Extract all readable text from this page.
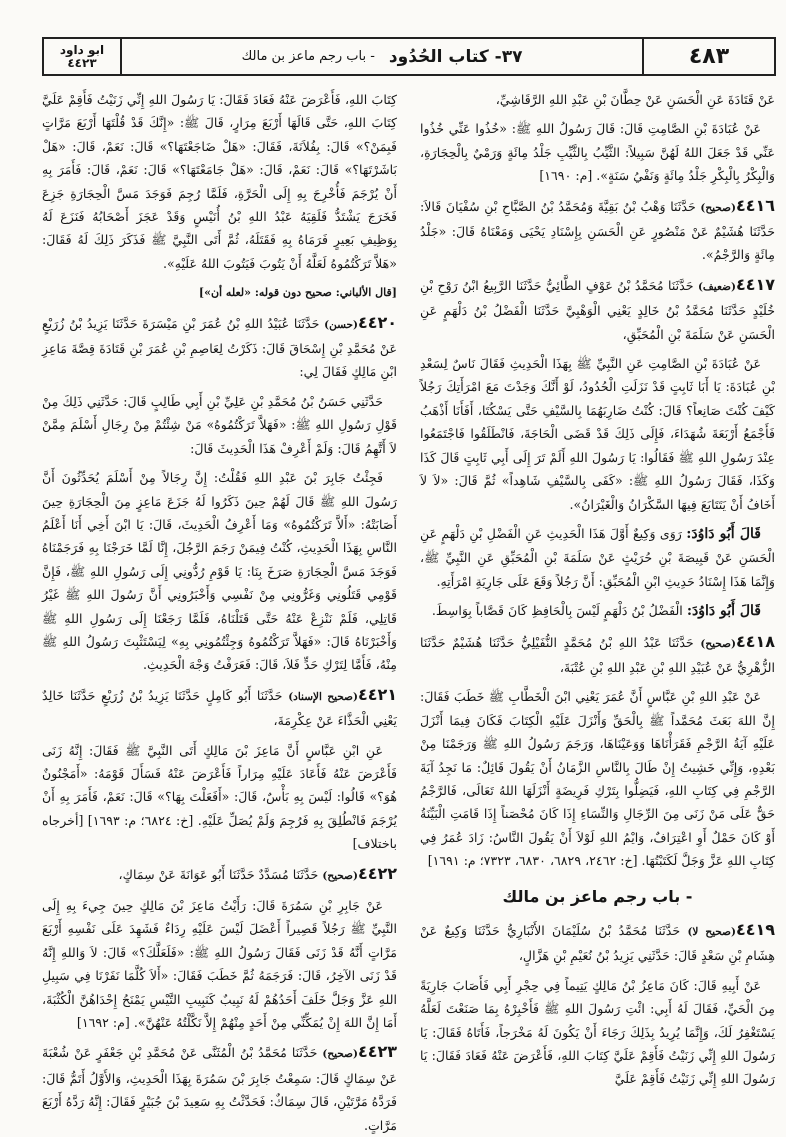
ابو داود
٤٤٢٣	٣٧- كتاب الحُدُود
- باب رجم ماعز بن مالك	٤٨٣

عَنْ قَتَادَةَ عَنِ الْحَسَنِ عَنْ حِطَّانَ بْنِ عَبْدِ اللهِ الرَّقَاشِيِّ،

عَنْ عُبَادَةَ بْنِ الصَّامِتِ قَالَ: قَالَ رَسُولُ اللهِ ﷺ: «خُذُوا عَنِّي خُذُوا عَنِّي قَدْ جَعَلَ اللهُ لَهُنَّ سَبِيلاً: الثَّيِّبُ بِالثَّيِّبِ جَلْدُ مِائَةٍ وَرَمْيٌ بِالْحِجَارَةِ، وَالْبِكْرُ بِالْبِكْرِ جَلْدُ مِائَةٍ وَنَفْيُ سَنَةٍ». [م: ١٦٩٠]

٤٤١٦(صحيح) حَدَّثَنَا وَهْبُ بْنُ بَقِيَّةَ وَمُحَمَّدُ بْنُ الصَّبَّاحِ بْنِ سُفْيَانَ قَالاَ: حَدَّثَنَا هُشَيْمٌ عَنْ مَنْصُورٍ عَنِ الْحَسَنِ بِإِسْنَادِ يَحْيَى وَمَعْنَاهُ قَالَ: «جَلْدُ مِائَةٍ وَالرَّجْمُ».

٤٤١٧(ضعيف) حَدَّثَنَا مُحَمَّدُ بْنُ عَوْفٍ الطَّائِيُّ حَدَّثَنَا الرَّبِيعُ ابْنُ رَوْحِ بْنِ خُلَيْدٍ حَدَّثَنَا مُحَمَّدُ بْنُ خَالِدٍ يَعْنِي الْوَهْبِيَّ حَدَّثَنَا الْفَضْلُ بْنُ دَلْهَمٍ عَنِ الْحَسَنِ عَنْ سَلَمَةَ بْنِ الْمُحَبِّقِ،

عَنْ عُبَادَةَ بْنِ الصَّامِتِ عَنِ النَّبِيِّ ﷺ بِهَذَا الْحَدِيثِ فَقَالَ نَاسٌ لِسَعْدِ بْنِ عُبَادَةَ: يَا أَبَا ثَابِتٍ قَدْ نَزَلَتِ الْحُدُودُ، لَوْ أَنَّكَ وَجَدْتَ مَعَ امْرَأَتِكَ رَجُلاً كَيْفَ كُنْتَ صَانِعاً؟ قَالَ: كُنْتُ ضَارِبَهُمَا بِالسَّيْفِ حَتَّى يَسْكُتَا، أَفَأَنَا أَذْهَبُ فَأَجْمَعُ أَرْبَعَةَ شُهَدَاءَ، فَإِلَى ذَلِكَ قَدْ قَضَى الْحَاجَةَ، فَانْطَلَقُوا فَاجْتَمَعُوا عِنْدَ رَسُولِ اللهِ ﷺ فَقَالُوا: يَا رَسُولَ اللهِ أَلَمْ تَرَ إِلَى أَبِي ثَابِتٍ قَالَ كَذَا وَكَذَا، فَقَالَ رَسُولُ اللهِ ﷺ: «كَفَى بِالسَّيْفِ شَاهِداً» ثُمَّ قَالَ: «لاَ لاَ أَخَافُ أَنْ يَتَتَابَعَ فِيهَا السَّكْرَانُ وَالْغَيْرَانُ».

قَالَ أَبُو دَاوُدَ: رَوَى وَكِيعٌ أَوَّلَ هَذَا الْحَدِيثِ عَنِ الْفَضْلِ بْنِ دَلْهَمٍ عَنِ الْحَسَنِ عَنْ قَبِيصَةَ بْنِ حُرَيْثٍ عَنْ سَلَمَةَ بْنِ الْمُحَبِّقِ عَنِ النَّبِيِّ ﷺ، وَإِنَّمَا هَذَا إِسْنَادُ حَدِيثِ ابْنِ الْمُحَبِّقِ: أَنَّ رَجُلاً وَقَعَ عَلَى جَارِيَةِ امْرَأَتِهِ.

قَالَ أَبُو دَاوُدَ: الْفَضْلُ بْنُ دَلْهَمٍ لَيْسَ بِالْحَافِظِ كَانَ قَصَّاباً بِوَاسِطَ.

٤٤١٨(صحيح) حَدَّثَنَا عَبْدُ اللهِ بْنُ مُحَمَّدٍ النُّفَيْلِيُّ حَدَّثَنَا هُشَيْمٌ حَدَّثَنَا الزُّهْرِيُّ عَنْ عُبَيْدِ اللهِ بْنِ عَبْدِ اللهِ بْنِ عُتْبَةَ،

عَنْ عَبْدِ اللهِ بْنِ عَبَّاسٍ أَنَّ عُمَرَ يَعْنِي ابْنَ الْخَطَّابِ ﷺ خَطَبَ فَقَالَ: إِنَّ اللهَ بَعَثَ مُحَمَّداً ﷺ بِالْحَقِّ وَأَنْزَلَ عَلَيْهِ الْكِتَابَ فَكَانَ فِيمَا أَنْزَلَ عَلَيْهِ آيَةُ الرَّجْمِ فَقَرَأْنَاهَا وَوَعَيْنَاهَا، وَرَجَمَ رَسُولُ اللهِ ﷺ وَرَجَمْنَا مِنْ بَعْدِهِ، وَإِنِّي خَشِيتُ إِنْ طَالَ بِالنَّاسِ الزَّمَانُ أَنْ يَقُولَ قَائِلٌ: مَا نَجِدُ آيَةَ الرَّجْمِ فِي كِتَابِ اللهِ، فَيَضِلُّوا بِتَرْكِ فَرِيضَةٍ أَنْزَلَهَا اللهُ تَعَالَى، فَالرَّجْمُ حَقٌّ عَلَى مَنْ زَنَى مِنَ الرِّجَالِ وَالنِّسَاءِ إِذَا كَانَ مُحْصَناً إِذَا قَامَتِ الْبَيِّنَةُ أَوْ كَانَ حَمْلٌ أَوِ اعْتِرَافٌ، وَايْمُ اللهِ لَوْلاَ أَنْ يَقُولَ النَّاسُ: زَادَ عُمَرُ فِي كِتَابِ اللهِ عَزَّ وَجَلَّ لَكَتَبْتُهَا. [خ: ٢٤٦٢، ٦٨٢٩، ٦٨٣٠، ٧٣٢٣؛ م: ١٦٩١]

- باب رجم ماعز بن مالك

٤٤١٩(صحيح لا) حَدَّثَنَا مُحَمَّدُ بْنُ سُلَيْمَانَ الأَنْبَارِيُّ حَدَّثَنَا وَكِيعٌ عَنْ هِشَامِ بْنِ سَعْدٍ قَالَ: حَدَّثَنِي يَزِيدُ بْنُ نُعَيْمِ بْنِ هَزَّالٍ،

عَنْ أَبِيهِ قَالَ: كَانَ مَاعِزُ بْنُ مَالِكٍ يَتِيماً فِي حِجْرِ أَبِي فَأَصَابَ جَارِيَةً مِنَ الْحَيِّ، فَقَالَ لَهُ أَبِي: ائْتِ رَسُولَ اللهِ ﷺ فَأَخْبِرْهُ بِمَا صَنَعْتَ لَعَلَّهُ يَسْتَغْفِرُ لَكَ، وَإِنَّمَا يُرِيدُ بِذَلِكَ رَجَاءَ أَنْ يَكُونَ لَهُ مَخْرَجاً، فَأَتَاهُ فَقَالَ: يَا رَسُولَ اللهِ إِنِّي زَنَيْتُ فَأَقِمْ عَلَيَّ كِتَابَ اللهِ، فَأَعْرَضَ عَنْهُ فَعَادَ فَقَالَ: يَا رَسُولَ اللهِ إِنِّي زَنَيْتُ فَأَقِمْ عَلَيَّ

كِتَابَ اللهِ، فَأَعْرَضَ عَنْهُ فَعَادَ فَقَالَ: يَا رَسُولَ اللهِ إِنِّي زَنَيْتُ فَأَقِمْ عَلَيَّ كِتَابَ اللهِ، حَتَّى قَالَهَا أَرْبَعَ مِرَارٍ، قَالَ ﷺ: «إِنَّكَ قَدْ قُلْتَهَا أَرْبَعَ مَرَّاتٍ فَبِمَنْ؟» قَالَ: بِفُلاَنَةَ، فَقَالَ: «هَلْ ضَاجَعْتَهَا؟» قَالَ: نَعَمْ، قَالَ: «هَلْ بَاشَرْتَهَا؟» قَالَ: نَعَمْ، قَالَ: «هَلْ جَامَعْتَهَا؟» قَالَ: نَعَمْ، قَالَ: فَأَمَرَ بِهِ أَنْ يُرْجَمَ فَأُخْرِجَ بِهِ إِلَى الْحَرَّةِ، فَلَمَّا رُجِمَ فَوَجَدَ مَسَّ الْحِجَارَةِ جَزِعَ فَخَرَجَ يَشْتَدُّ فَلَقِيَهُ عَبْدُ اللهِ بْنُ أُنَيْسٍ وَقَدْ عَجَزَ أَصْحَابُهُ فَنَزَعَ لَهُ بِوَظِيفِ بَعِيرٍ فَرَمَاهُ بِهِ فَقَتَلَهُ، ثُمَّ أَتَى النَّبِيَّ ﷺ فَذَكَرَ ذَلِكَ لَهُ فَقَالَ: «هَلاَّ تَرَكْتُمُوهُ لَعَلَّهُ أَنْ يَتُوبَ فَيَتُوبَ اللهُ عَلَيْهِ».

[قال الألباني: صحيح دون قوله: «لعله أن»]

٤٤٢٠(حسن) حَدَّثَنَا عُبَيْدُ اللهِ بْنُ عُمَرَ بْنِ مَيْسَرَةَ حَدَّثَنَا يَزِيدُ بْنُ زُرَيْعٍ عَنْ مُحَمَّدِ بْنِ إِسْحَاقَ قَالَ: ذَكَرْتُ لِعَاصِمِ بْنِ عُمَرَ بْنِ قَتَادَةَ قِصَّةَ مَاعِزِ ابْنِ مَالِكٍ فَقَالَ لِي:

حَدَّثَنِي حَسَنُ بْنُ مُحَمَّدِ بْنِ عَلِيِّ بْنِ أَبِي طَالِبٍ قَالَ: حَدَّثَنِي ذَلِكَ مِنْ قَوْلِ رَسُولِ اللهِ ﷺ: «فَهَلاَّ تَرَكْتُمُوهُ» مَنْ شِئْتُمْ مِنْ رِجَالِ أَسْلَمَ مِمَّنْ لاَ أَتَّهِمُ قَالَ: وَلَمْ أَعْرِفْ هَذَا الْحَدِيثَ قَالَ:

فَجِئْتُ جَابِرَ بْنَ عَبْدِ اللهِ فَقُلْتُ: إِنَّ رِجَالاً مِنْ أَسْلَمَ يُحَدِّثُونَ أَنَّ رَسُولَ اللهِ ﷺ قَالَ لَهُمْ حِينَ ذَكَرُوا لَهُ جَزَعَ مَاعِزٍ مِنَ الْحِجَارَةِ حِينَ أَصَابَتْهُ: «أَلاَّ تَرَكْتُمُوهُ» وَمَا أَعْرِفُ الْحَدِيثَ، قَالَ: يَا ابْنَ أَخِي أَنَا أَعْلَمُ النَّاسِ بِهَذَا الْحَدِيثِ، كُنْتُ فِيمَنْ رَجَمَ الرَّجُلَ، إِنَّا لَمَّا خَرَجْنَا بِهِ فَرَجَمْنَاهُ فَوَجَدَ مَسَّ الْحِجَارَةِ صَرَخَ بِنَا: يَا قَوْمِ رُدُّونِي إِلَى رَسُولِ اللهِ ﷺ، فَإِنَّ قَوْمِي قَتَلُونِي وَغَرُّونِي مِنْ نَفْسِي وَأَخْبَرُونِي أَنَّ رَسُولَ اللهِ ﷺ غَيْرُ قَاتِلِي، فَلَمْ نَنْزِعْ عَنْهُ حَتَّى قَتَلْنَاهُ، فَلَمَّا رَجَعْنَا إِلَى رَسُولِ اللهِ ﷺ وَأَخْبَرْنَاهُ قَالَ: «فَهَلاَّ تَرَكْتُمُوهُ وَجِئْتُمُونِي بِهِ» لِيَسْتَثْبِتَ رَسُولُ اللهِ ﷺ مِنْهُ، فَأَمَّا لِتَرْكِ حَدٍّ فَلاَ، قَالَ: فَعَرَفْتُ وَجْهَ الْحَدِيثِ.

٤٤٢١(صحيح الإسناد) حَدَّثَنَا أَبُو كَامِلٍ حَدَّثَنَا يَزِيدُ بْنُ زُرَيْعٍ حَدَّثَنَا خَالِدٌ يَعْنِي الْحَذَّاءَ عَنْ عِكْرِمَةَ،

عَنِ ابْنِ عَبَّاسٍ أَنَّ مَاعِزَ بْنَ مَالِكٍ أَتَى النَّبِيَّ ﷺ فَقَالَ: إِنَّهُ زَنَى فَأَعْرَضَ عَنْهُ فَأَعَادَ عَلَيْهِ مِرَاراً فَأَعْرَضَ عَنْهُ فَسَأَلَ قَوْمَهُ: «أَمَجْنُونٌ هُوَ؟» قَالُوا: لَيْسَ بِهِ بَأْسٌ، قَالَ: «أَفَعَلْتَ بِهَا؟» قَالَ: نَعَمْ، فَأَمَرَ بِهِ أَنْ يُرْجَمَ فَانْطُلِقَ بِهِ فَرُجِمَ وَلَمْ يُصَلِّ عَلَيْهِ. [خ: ٦٨٢٤؛ م: ١٦٩٣] [أخرجاه باختلاف]

٤٤٢٢(صحيح) حَدَّثَنَا مُسَدَّدٌ حَدَّثَنَا أَبُو عَوَانَةَ عَنْ سِمَاكٍ،

عَنْ جَابِرِ بْنِ سَمُرَةَ قَالَ: رَأَيْتُ مَاعِزَ بْنَ مَالِكٍ حِينَ جِيءَ بِهِ إِلَى النَّبِيِّ ﷺ رَجُلاً قَصِيراً أَعْضَلَ لَيْسَ عَلَيْهِ رِدَاءٌ فَشَهِدَ عَلَى نَفْسِهِ أَرْبَعَ مَرَّاتٍ أَنَّهُ قَدْ زَنَى فَقَالَ رَسُولُ اللهِ ﷺ: «فَلَعَلَّكَ؟» قَالَ: لاَ وَاللهِ إِنَّهُ قَدْ زَنَى الآخِرُ، قَالَ: فَرَجَمَهُ ثُمَّ خَطَبَ فَقَالَ: «أَلاَ كُلَّمَا نَفَرْنَا فِي سَبِيلِ اللهِ عَزَّ وَجَلَّ خَلَفَ أَحَدُهُمْ لَهُ نَبِيبٌ كَنَبِيبِ التَّيْسِ يَمْنَحُ إِحْدَاهُنَّ الْكُثْبَةَ، أَمَا إِنَّ اللهَ إِنْ يُمَكِّنِّي مِنْ أَحَدٍ مِنْهُمْ إِلاَّ نَكَّلْتُهُ عَنْهُنَّ». [م: ١٦٩٢]

٤٤٢٣(صحيح) حَدَّثَنَا مُحَمَّدُ بْنُ الْمُثَنَّى عَنْ مُحَمَّدِ بْنِ جَعْفَرٍ عَنْ شُعْبَةَ عَنْ سِمَاكٍ قَالَ: سَمِعْتُ جَابِرَ بْنَ سَمُرَةَ بِهَذَا الْحَدِيثِ، وَالأَوَّلُ أَتَمُّ قَالَ: فَرَدَّهُ مَرَّتَيْنِ، قَالَ سِمَاكٌ: فَحَدَّثْتُ بِهِ سَعِيدَ بْنَ جُبَيْرٍ فَقَالَ: إِنَّهُ رَدَّهُ أَرْبَعَ مَرَّاتٍ.
